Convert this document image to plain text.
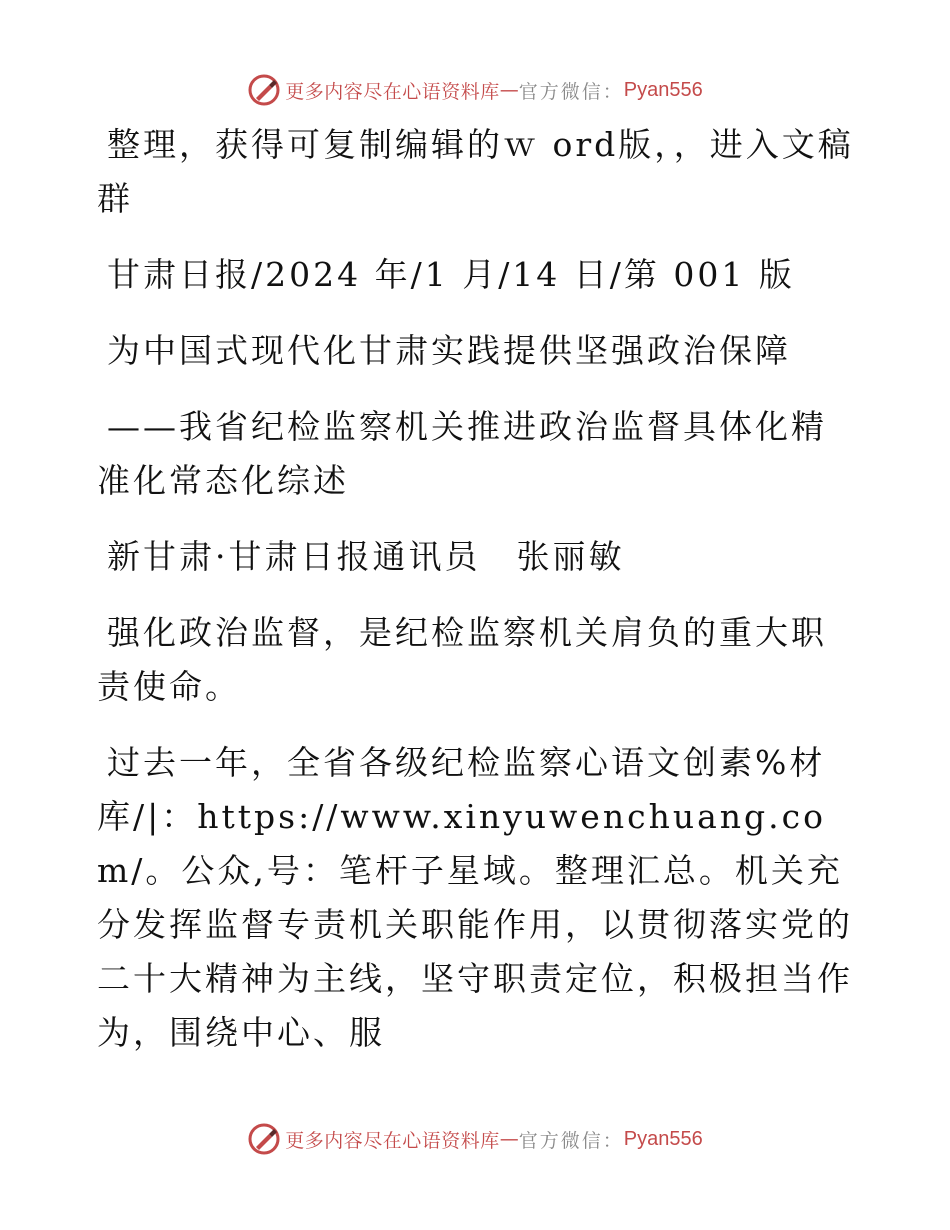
更多内容尽在心语资料库 — 官方微信： Pyan556

整理，获得可复制编辑的ｗ ord版，，进入文稿群

甘肃日报/2024 年/1 月/14 日/第 001 版

为中国式现代化甘肃实践提供坚强政治保障

——我省纪检监察机关推进政治监督具体化精准化常态化综述

新甘肃·甘肃日报通讯员　张丽敏

强化政治监督，是纪检监察机关肩负的重大职责使命。

过去一年，全省各级纪检监察心语文创素%材库/|：https://www.xinyuwenchuang.com/。公众,号：笔杆子星域。整理汇总。机关充分发挥监督专责机关职能作用，以贯彻落实党的二十大精神为主线，坚守职责定位，积极担当作为，围绕中心、服

更多内容尽在心语资料库 — 官方微信： Pyan556
